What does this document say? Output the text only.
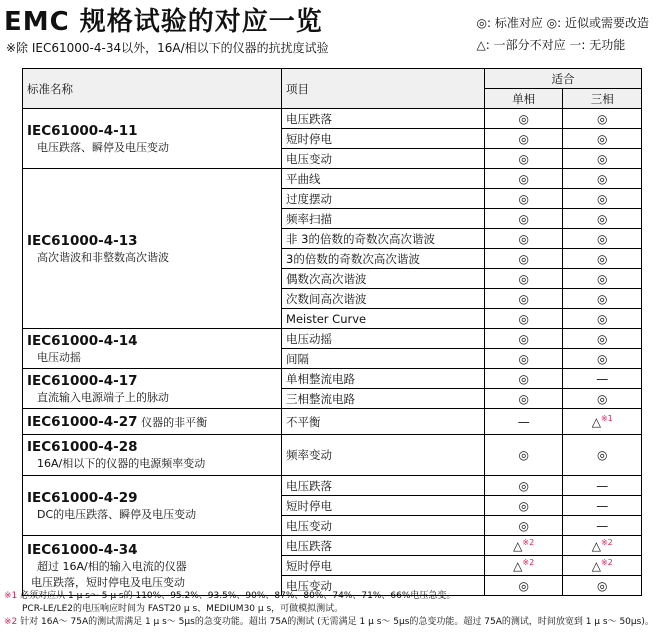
EMC 规格试验的对应一览
※除 IEC61000-4-34以外，16A/相以下的仪器的抗扰度试验
◎: 标准对应 ◎: 近似或需要改造
△: 一部分不对应 一: 无功能
标准名称	项目	适合	
		单相	三相

IEC61000-4-11
电压跌落、瞬停及电压变动	电压跌落	◎	◎
	短时停电	◎	◎
	电压变动	◎	◎

IEC61000-4-13
高次谐波和非整数高次谐波	平曲线	◎	◎
	过度摆动	◎	◎
	频率扫描	◎	◎
	非 3的倍数的奇数次高次谐波	◎	◎
	3的倍数的奇数次高次谐波	◎	◎
	偶数次高次谐波	◎	◎
	次数间高次谐波	◎	◎
	Meister Curve	◎	◎

IEC61000-4-14
电压动摇	电压动摇	◎	◎
	间隔	◎	◎

IEC61000-4-17
直流输入电源端子上的脉动	单相整流电路	◎	—
	三相整流电路	◎	◎
IEC61000-4-27 仪器的非平衡	不平衡	—	△$^{※1}$

IEC61000-4-28
16A/相以下的仪器的电源频率变动	频率变动	◎	◎

IEC61000-4-29
DC的电压跌落、瞬停及电压变动	电压跌落	◎	—
	短时停电	◎	—
	电压变动	◎	—

IEC61000-4-34
超过 16A/相的输入电流的仪器
电压跌落，短时停电及电压变动	电压跌落	△$^{※2}$	△$^{※2}$
	短时停电	△$^{※2}$	△$^{※2}$
	电压变动	◎	◎
※1 必须对应从 1 μ s～ 5 μ s的 110%、95.2%、93.5%、90%、87%、80%、74%、71%、66%电压急变。
PCR-LE/LE2的电压响应时间为 FAST20 μ s、MEDIUM30 μ s，可做模拟测试。
※2 针对 16A～ 75A的测试需满足 1 μ s～ 5μs的急变功能。超出 75A的测试 (无需满足 1 μ s～ 5μs的急变功能。超过 75A的测试，时间放宽到 1 μ s～ 50μs)。
